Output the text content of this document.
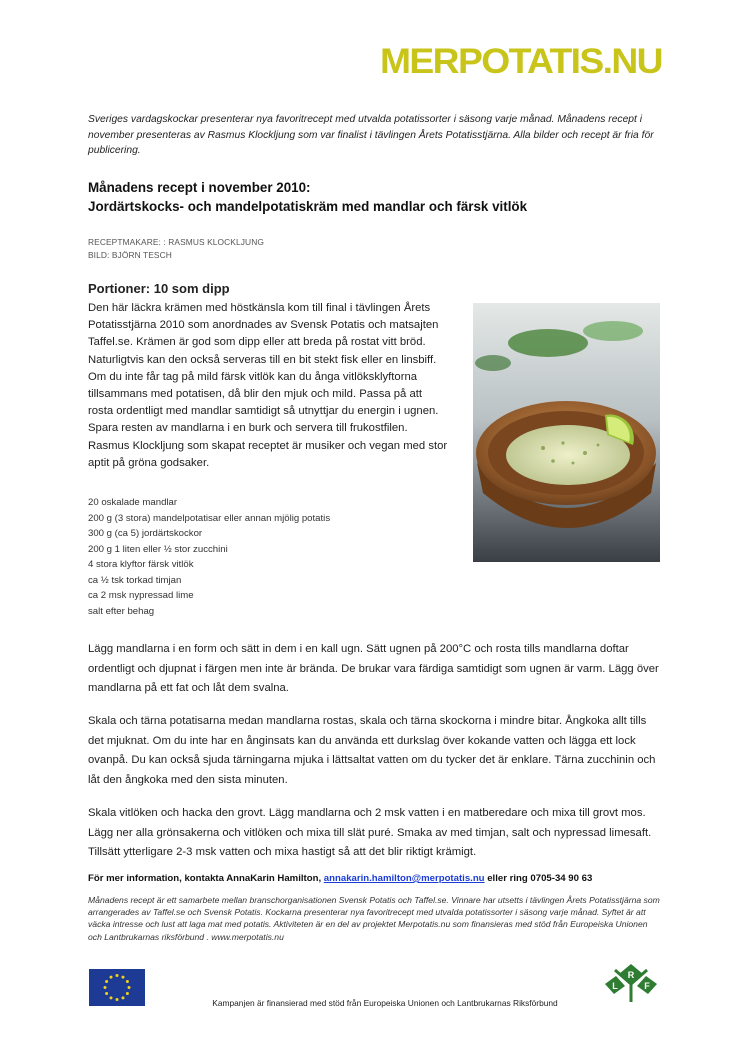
MER POTATIS .NU
Sveriges vardagskockar presenterar nya favoritrecept med utvalda potatissorter i säsong varje månad. Månadens recept i november presenteras av Rasmus Klockljung som var finalist i tävlingen Årets Potatisstjärna. Alla bilder och recept är fria för publicering.
Månadens recept i november 2010:
Jordärtskocks- och mandelpotatiskräm med mandlar och färsk vitlök
RECEPTMAKARE: : RASMUS KLOCKLJUNG
BILD: BJÖRN TESCH
Portioner: 10 som dipp
Den här läckra krämen med höstkänsla kom till final i tävlingen Årets Potatisstjärna 2010 som anordnades av Svensk Potatis och matsajten Taffel.se. Krämen är god som dipp eller att breda på rostat vitt bröd. Naturligtvis kan den också serveras till en bit stekt fisk eller en linsbiff. Om du inte får tag på mild färsk vitlök kan du ånga vitlöksklyftorna tillsammans med potatisen, då blir den mjuk och mild. Passa på att rosta ordentligt med mandlar samtidigt så utnyttjar du energin i ugnen. Spara resten av mandlarna i en burk och servera till frukostfilen. Rasmus Klockljung som skapat receptet är musiker och vegan med stor aptit på gröna godsaker.
20 oskalade mandlar
200 g (3 stora) mandelpotatisar eller annan mjölig potatis
300 g (ca 5) jordärtskockor
200 g 1 liten eller ½ stor zucchini
4 stora klyftor färsk vitlök
ca ½ tsk torkad timjan
ca 2 msk nypressad lime
salt efter behag
Lägg mandlarna i en form och sätt in dem i en kall ugn. Sätt ugnen på 200°C och rosta tills mandlarna doftar ordentligt och djupnat i färgen men inte är brända. De brukar vara färdiga samtidigt som ugnen är varm. Lägg över mandlarna på ett fat och låt dem svalna.
Skala och tärna potatisarna medan mandlarna rostas, skala och tärna skockorna i mindre bitar. Ångkoka allt tills det mjuknat. Om du inte har en ånginsats kan du använda ett durkslag över kokande vatten och lägga ett lock ovanpå. Du kan också sjuda tärningarna mjuka i lättsaltat vatten om du tycker det är enklare. Tärna zucchinin och låt den ångkoka med den sista minuten.
Skala vitlöken och hacka den grovt. Lägg mandlarna och 2 msk vatten i en matberedare och mixa till grovt mos. Lägg ner alla grönsakerna och vitlöken och mixa till slät puré. Smaka av med timjan, salt och nypressad limesaft. Tillsätt ytterligare 2-3 msk vatten och mixa hastigt så att det blir riktigt krämigt.
För mer information, kontakta AnnaKarin Hamilton, annakarin.hamilton@merpotatis.nu eller ring 0705-34 90 63
Månadens recept är ett samarbete mellan branschorganisationen Svensk Potatis och Taffel.se. Vinnare har utsetts i tävlingen Årets Potatisstjärna som arrangerades av Taffel.se och Svensk Potatis. Kockarna presenterar nya favoritrecept med utvalda potatissorter i säsong varje månad. Syftet är att väcka intresse och lust att laga mat med potatis. Aktiviteten är en del av projektet Merpotatis.nu som finansieras med stöd från Europeiska Unionen och Lantbrukarnas riksförbund . www.merpotatis.nu
Kampanjen är finansierad med stöd från Europeiska Unionen och Lantbrukarnas Riksförbund
R
L	F
